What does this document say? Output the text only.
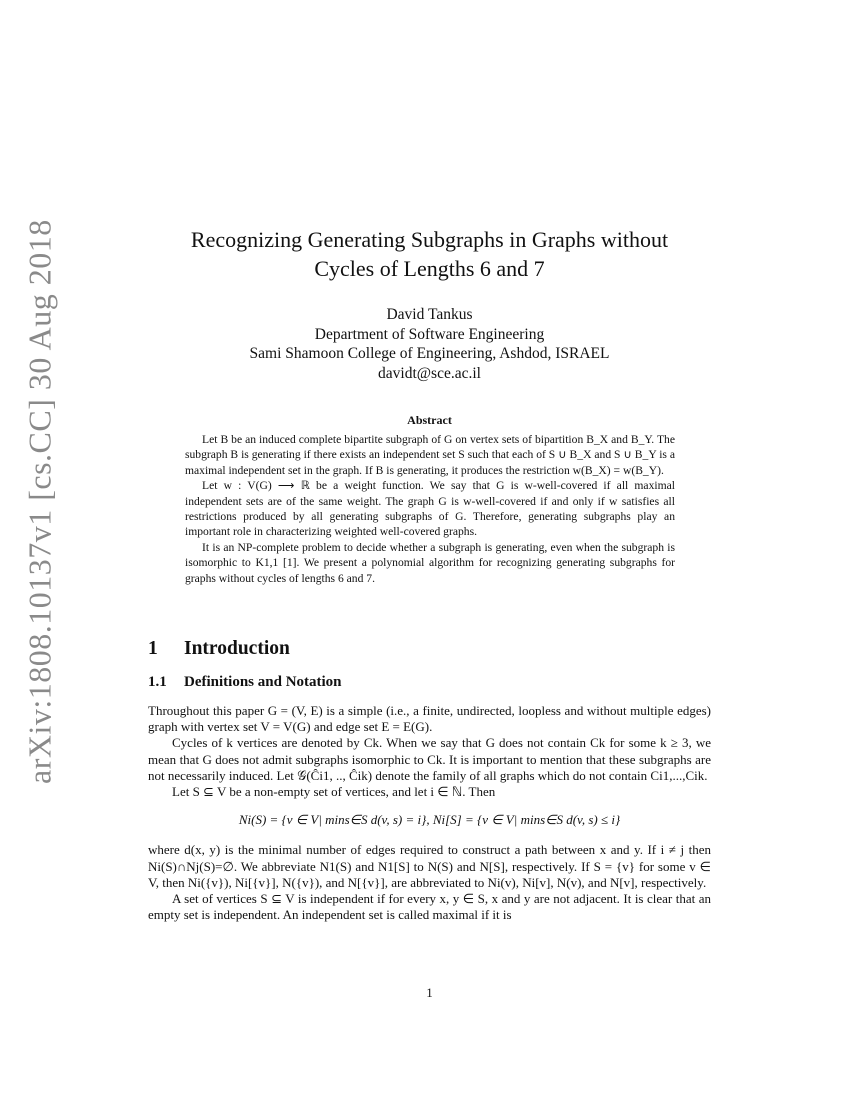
arXiv:1808.10137v1 [cs.CC] 30 Aug 2018	Recognizing Generating Subgraphs in Graphs without
Cycles of Lengths 6 and 7
David Tankus
Department of Software Engineering
Sami Shamoon College of Engineering, Ashdod, ISRAEL
davidt@sce.ac.il
Abstract

Let B be an induced complete bipartite subgraph of G on vertex sets of bipartition B_X and B_Y. The subgraph B is generating if there exists an independent set S such that each of S ∪ B_X and S ∪ B_Y is a maximal independent set in the graph. If B is generating, it produces the restriction w(B_X) = w(B_Y).

Let w : V(G) ⟶ ℝ be a weight function. We say that G is w-well-covered if all maximal independent sets are of the same weight. The graph G is w-well-covered if and only if w satisfies all restrictions produced by all generating subgraphs of G. Therefore, generating subgraphs play an important role in characterizing weighted well-covered graphs.

It is an NP-complete problem to decide whether a subgraph is generating, even when the subgraph is isomorphic to K1,1 [1]. We present a polynomial algorithm for recognizing generating subgraphs for graphs without cycles of lengths 6 and 7.

1 Introduction
1.1 Definitions and Notation

Throughout this paper G = (V, E) is a simple (i.e., a finite, undirected, loopless and without multiple edges) graph with vertex set V = V(G) and edge set E = E(G).

Cycles of k vertices are denoted by Ck. When we say that G does not contain Ck for some k ≥ 3, we mean that G does not admit subgraphs isomorphic to Ck. It is important to mention that these subgraphs are not necessarily induced. Let 𝒢(Ĉi1, .., Ĉik) denote the family of all graphs which do not contain Ci1,...,Cik.

Let S ⊆ V be a non-empty set of vertices, and let i ∈ ℕ. Then

Ni(S) = {v ∈ V| mins∈S d(v, s) = i}, Ni[S] = {v ∈ V| mins∈S d(v, s) ≤ i}

where d(x, y) is the minimal number of edges required to construct a path between x and y. If i ≠ j then Ni(S)∩Nj(S)=∅. We abbreviate N1(S) and N1[S] to N(S) and N[S], respectively. If S = {v} for some v ∈ V, then Ni({v}), Ni[{v}], N({v}), and N[{v}], are abbreviated to Ni(v), Ni[v], N(v), and N[v], respectively.

A set of vertices S ⊆ V is independent if for every x, y ∈ S, x and y are not adjacent. It is clear that an empty set is independent. An independent set is called maximal if it is

1
